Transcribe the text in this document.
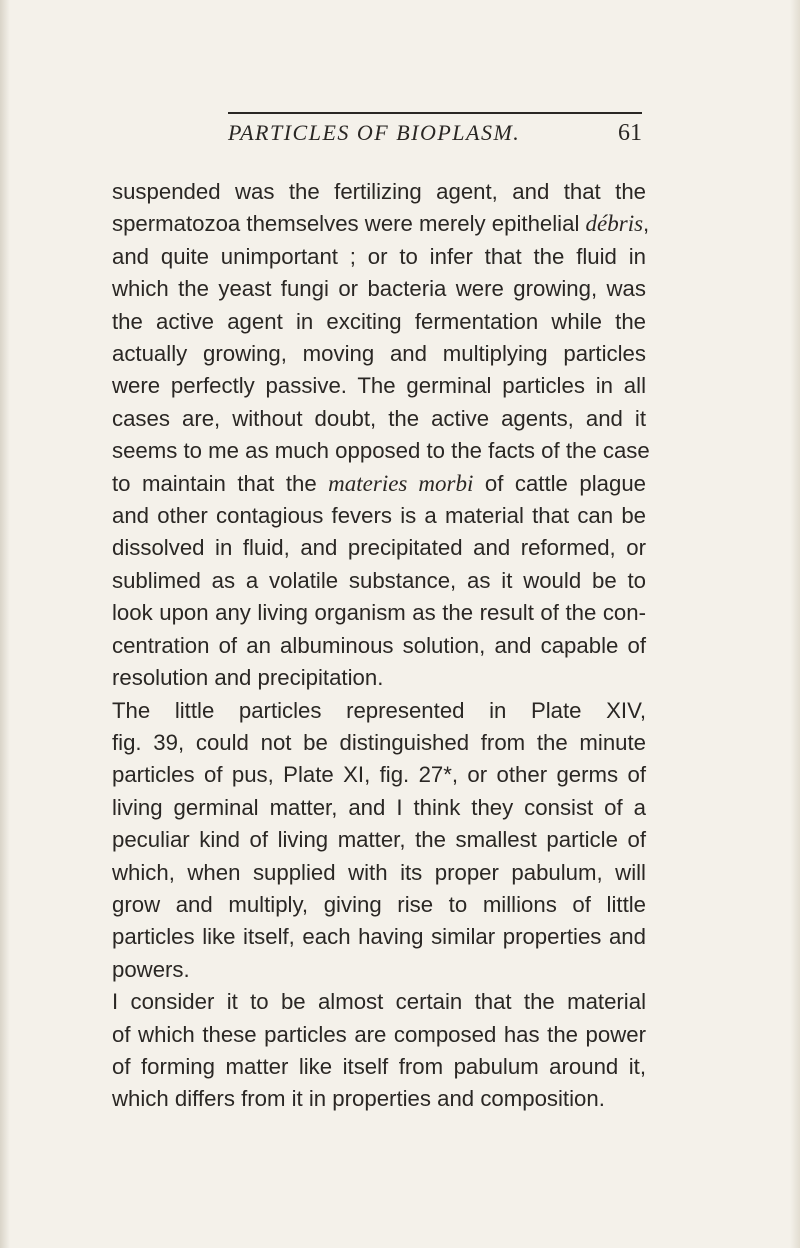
PARTICLES OF BIOPLASM.	61
suspended was the fertilizing agent, and that the
spermatozoa themselves were merely epithelial débris,
and quite unimportant ; or to infer that the fluid in
which the yeast fungi or bacteria were growing, was
the active agent in exciting fermentation while the
actually growing, moving and multiplying particles
were perfectly passive. The germinal particles in all
cases are, without doubt, the active agents, and it
seems to me as much opposed to the facts of the case
to maintain that the materies morbi of cattle plague
and other contagious fevers is a material that can be
dissolved in fluid, and precipitated and reformed, or
sublimed as a volatile substance, as it would be to
look upon any living organism as the result of the con-
centration of an albuminous solution, and capable of
resolution and precipitation.
The little particles represented in Plate XIV,
fig. 39, could not be distinguished from the minute
particles of pus, Plate XI, fig. 27*, or other germs of
living germinal matter, and I think they consist of a
peculiar kind of living matter, the smallest particle of
which, when supplied with its proper pabulum, will
grow and multiply, giving rise to millions of little
particles like itself, each having similar properties and
powers.
I consider it to be almost certain that the material
of which these particles are composed has the power
of forming matter like itself from pabulum around it,
which differs from it in properties and composition.
